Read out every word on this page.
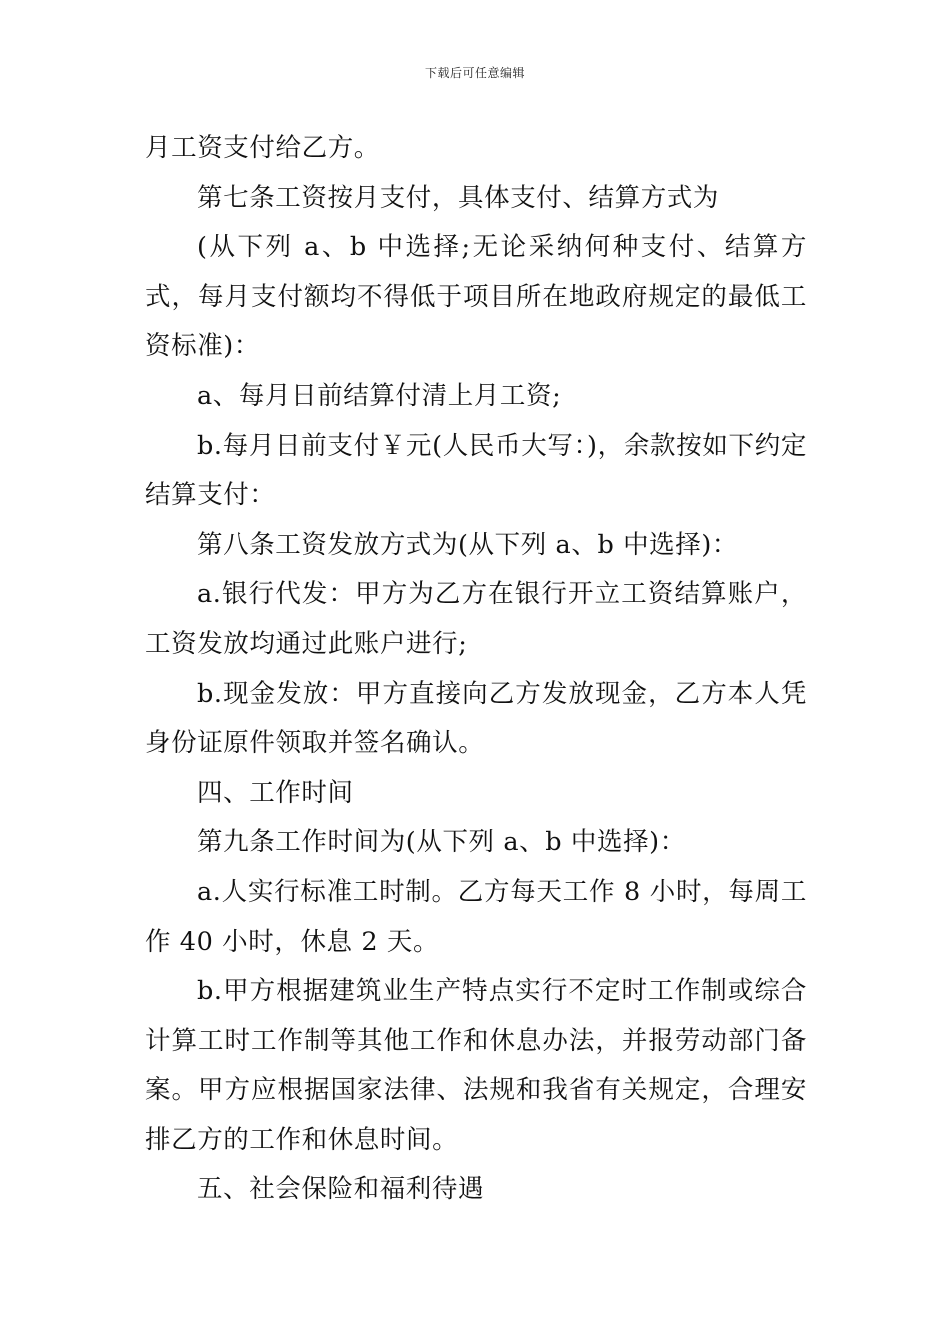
下载后可任意编辑

月工资支付给乙方。

第七条工资按月支付，具体支付、结算方式为

(从下列 a、b 中选择;无论采纳何种支付、结算方式，每月支付额均不得低于项目所在地政府规定的最低工资标准)：

a、每月日前结算付清上月工资;

b.每月日前支付￥元(人民币大写：)，余款按如下约定结算支付：

第八条工资发放方式为(从下列 a、b 中选择)：

a.银行代发：甲方为乙方在银行开立工资结算账户，工资发放均通过此账户进行;

b.现金发放：甲方直接向乙方发放现金，乙方本人凭身份证原件领取并签名确认。

四、工作时间

第九条工作时间为(从下列 a、b 中选择)：

a.人实行标准工时制。乙方每天工作 8 小时，每周工作 40 小时，休息 2 天。

b.甲方根据建筑业生产特点实行不定时工作制或综合计算工时工作制等其他工作和休息办法，并报劳动部门备案。甲方应根据国家法律、法规和我省有关规定，合理安排乙方的工作和休息时间。

五、社会保险和福利待遇
